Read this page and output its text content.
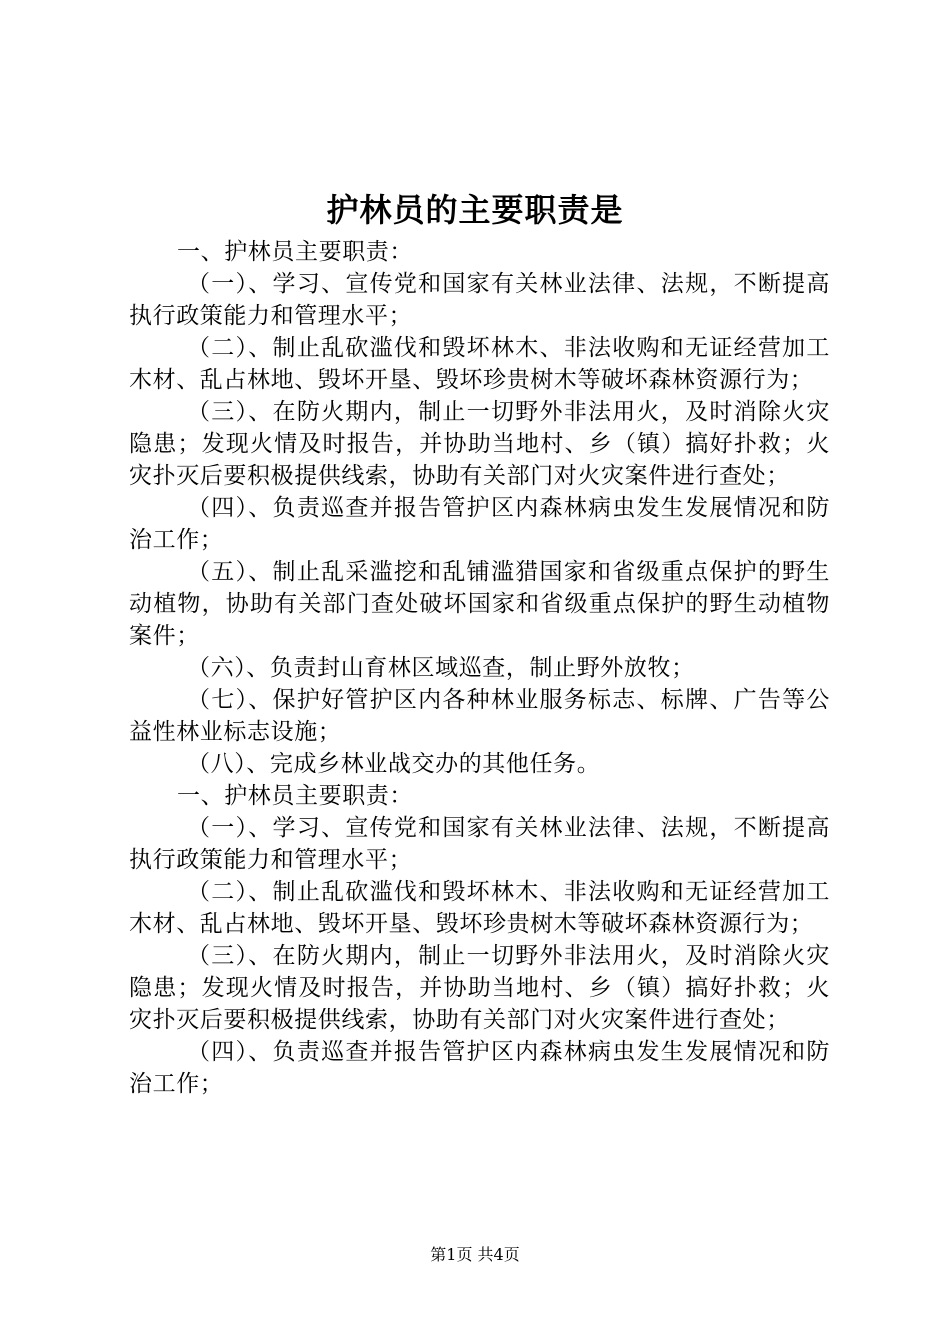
护林员的主要职责是

一、护林员主要职责：

（一）、学习、宣传党和国家有关林业法律、法规，不断提高执行政策能力和管理水平；

（二）、制止乱砍滥伐和毁坏林木、非法收购和无证经营加工木材、乱占林地、毁坏开垦、毁坏珍贵树木等破坏森林资源行为；

（三）、在防火期内，制止一切野外非法用火，及时消除火灾隐患；发现火情及时报告，并协助当地村、乡（镇）搞好扑救；火灾扑灭后要积极提供线索，协助有关部门对火灾案件进行查处；

（四）、负责巡查并报告管护区内森林病虫发生发展情况和防治工作；

（五）、制止乱采滥挖和乱铺滥猎国家和省级重点保护的野生动植物，协助有关部门查处破坏国家和省级重点保护的野生动植物案件；

（六）、负责封山育林区域巡查，制止野外放牧；

（七）、保护好管护区内各种林业服务标志、标牌、广告等公益性林业标志设施；

（八）、完成乡林业战交办的其他任务。

一、护林员主要职责：

（一）、学习、宣传党和国家有关林业法律、法规，不断提高执行政策能力和管理水平；

（二）、制止乱砍滥伐和毁坏林木、非法收购和无证经营加工木材、乱占林地、毁坏开垦、毁坏珍贵树木等破坏森林资源行为；

（三）、在防火期内，制止一切野外非法用火，及时消除火灾隐患；发现火情及时报告，并协助当地村、乡（镇）搞好扑救；火灾扑灭后要积极提供线索，协助有关部门对火灾案件进行查处；

（四）、负责巡查并报告管护区内森林病虫发生发展情况和防治工作；

第1页 共4页
